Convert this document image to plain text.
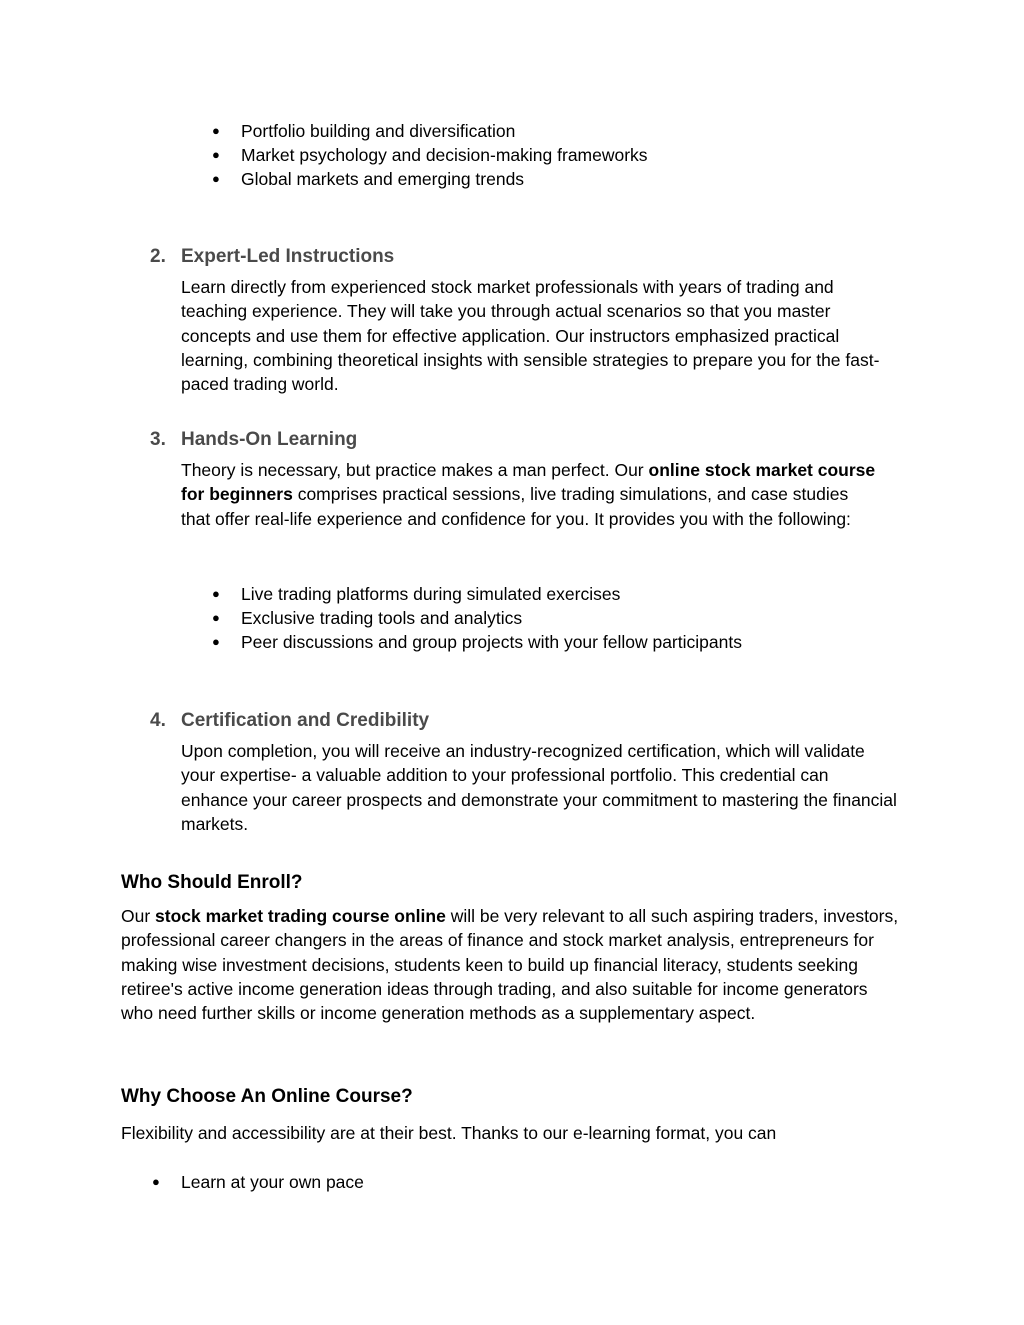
● Portfolio building and diversification
● Market psychology and decision-making frameworks
● Global markets and emerging trends
2. Expert-Led Instructions
Learn directly from experienced stock market professionals with years of trading and teaching experience. They will take you through actual scenarios so that you master concepts and use them for effective application. Our instructors emphasized practical learning, combining theoretical insights with sensible strategies to prepare you for the fast-paced trading world.
3. Hands-On Learning
Theory is necessary, but practice makes a man perfect. Our online stock market course for beginners comprises practical sessions, live trading simulations, and case studies that offer real-life experience and confidence for you. It provides you with the following:
● Live trading platforms during simulated exercises
● Exclusive trading tools and analytics
● Peer discussions and group projects with your fellow participants
4. Certification and Credibility
Upon completion, you will receive an industry-recognized certification, which will validate your expertise- a valuable addition to your professional portfolio. This credential can enhance your career prospects and demonstrate your commitment to mastering the financial markets.
Who Should Enroll?
Our stock market trading course online will be very relevant to all such aspiring traders, investors, professional career changers in the areas of finance and stock market analysis, entrepreneurs for making wise investment decisions, students keen to build up financial literacy, students seeking retiree's active income generation ideas through trading, and also suitable for income generators who need further skills or income generation methods as a supplementary aspect.
Why Choose An Online Course?
Flexibility and accessibility are at their best. Thanks to our e-learning format, you can
● Learn at your own pace
